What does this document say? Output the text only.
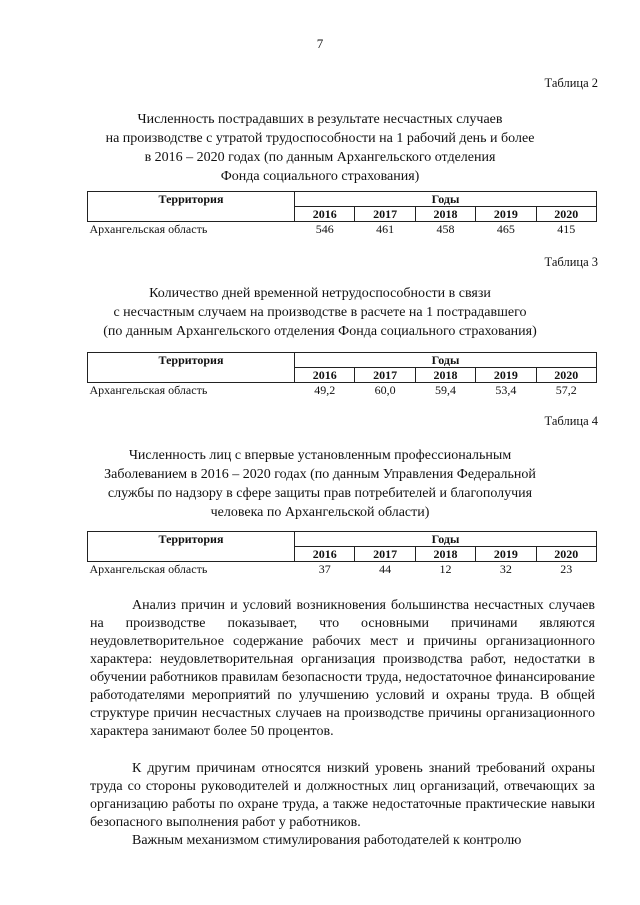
7
Таблица 2
Численность пострадавших в результате несчастных случаев
на производстве с утратой трудоспособности на 1 рабочий день и более
в 2016 – 2020 годах (по данным Архангельского отделения
Фонда социального страхования)
Территория	Годы				
	2016	2017	2018	2019	2020
Архангельская область	546	461	458	465	415
Таблица 3
Количество дней временной нетрудоспособности в связи
с несчастным случаем на производстве в расчете на 1 пострадавшего
(по данным Архангельского отделения Фонда социального страхования)
Территория	Годы				
	2016	2017	2018	2019	2020
Архангельская область	49,2	60,0	59,4	53,4	57,2
Таблица 4
Численность лиц с впервые установленным профессиональным
Заболеванием в 2016 – 2020 годах (по данным Управления Федеральной
службы по надзору в сфере защиты прав потребителей и благополучия
человека по Архангельской области)
Территория	Годы				
	2016	2017	2018	2019	2020
Архангельская область	37	44	12	32	23

Анализ причин и условий возникновения большинства несчастных случаев на производстве показывает, что основными причинами являются неудовлетворительное содержание рабочих мест и причины организационного характера: неудовлетворительная организация производства работ, недостатки в обучении работников правилам безопасности труда, недостаточное финансирование работодателями мероприятий по улучшению условий и охраны труда. В общей структуре причин несчастных случаев на производстве причины организационного характера занимают более 50 процентов.

К другим причинам относятся низкий уровень знаний требований охраны труда со стороны руководителей и должностных лиц организаций, отвечающих за организацию работы по охране труда, а также недостаточные практические навыки безопасного выполнения работ у работников.

Важным механизмом стимулирования работодателей к контролю
